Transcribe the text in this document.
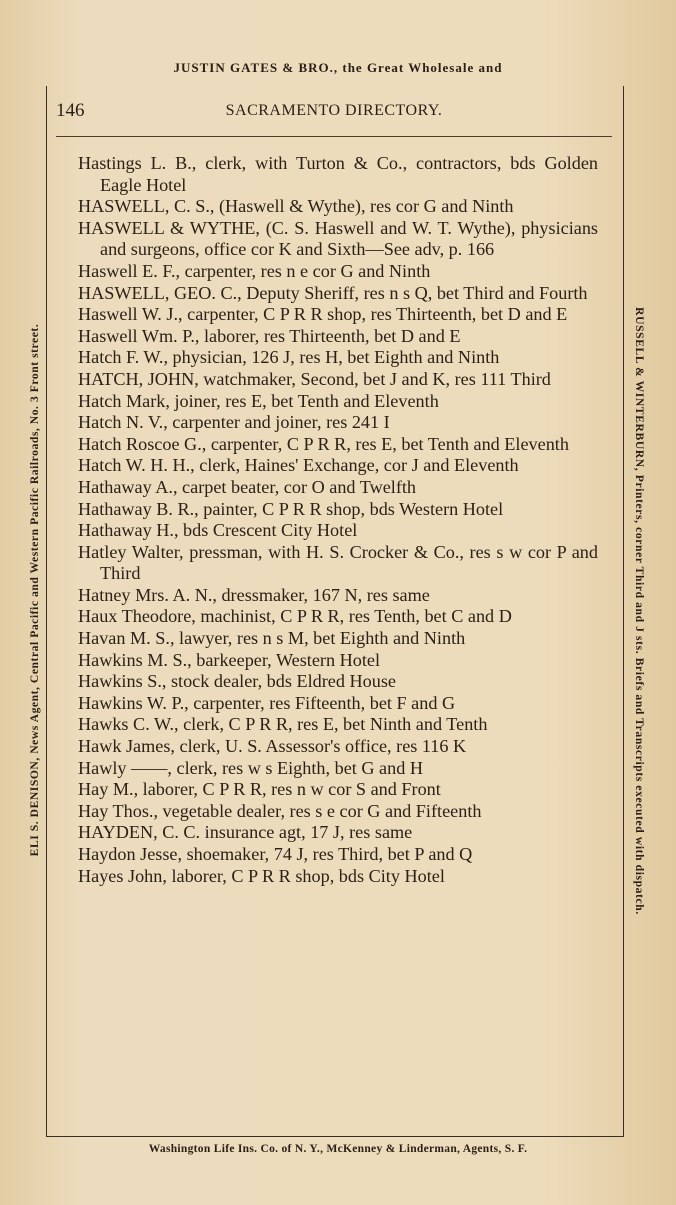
JUSTIN GATES & BRO., the Great Wholesale and
146	SACRAMENTO DIRECTORY.
ELI S. DENISON, News Agent, Central Pacific and Western Pacific Railroads, No. 3 Front street.	RUSSELL & WINTERBURN, Printers, corner Third and J sts. Briefs and Transcripts executed with dispatch.

Hastings L. B., clerk, with Turton & Co., contractors, bds Golden Eagle Hotel

HASWELL, C. S., (Haswell & Wythe), res cor G and Ninth

HASWELL & WYTHE, (C. S. Haswell and W. T. Wythe), physicians and surgeons, office cor K and Sixth—See adv, p. 166

Haswell E. F., carpenter, res n e cor G and Ninth

HASWELL, GEO. C., Deputy Sheriff, res n s Q, bet Third and Fourth

Haswell W. J., carpenter, C P R R shop, res Thirteenth, bet D and E

Haswell Wm. P., laborer, res Thirteenth, bet D and E

Hatch F. W., physician, 126 J, res H, bet Eighth and Ninth

HATCH, JOHN, watchmaker, Second, bet J and K, res 111 Third

Hatch Mark, joiner, res E, bet Tenth and Eleventh

Hatch N. V., carpenter and joiner, res 241 I

Hatch Roscoe G., carpenter, C P R R, res E, bet Tenth and Eleventh

Hatch W. H. H., clerk, Haines' Exchange, cor J and Eleventh

Hathaway A., carpet beater, cor O and Twelfth

Hathaway B. R., painter, C P R R shop, bds Western Hotel

Hathaway H., bds Crescent City Hotel

Hatley Walter, pressman, with H. S. Crocker & Co., res s w cor P and Third

Hatney Mrs. A. N., dressmaker, 167 N, res same

Haux Theodore, machinist, C P R R, res Tenth, bet C and D

Havan M. S., lawyer, res n s M, bet Eighth and Ninth

Hawkins M. S., barkeeper, Western Hotel

Hawkins S., stock dealer, bds Eldred House

Hawkins W. P., carpenter, res Fifteenth, bet F and G

Hawks C. W., clerk, C P R R, res E, bet Ninth and Tenth

Hawk James, clerk, U. S. Assessor's office, res 116 K

Hawly ——, clerk, res w s Eighth, bet G and H

Hay M., laborer, C P R R, res n w cor S and Front

Hay Thos., vegetable dealer, res s e cor G and Fifteenth

HAYDEN, C. C. insurance agt, 17 J, res same

Haydon Jesse, shoemaker, 74 J, res Third, bet P and Q

Hayes John, laborer, C P R R shop, bds City Hotel

Washington Life Ins. Co. of N. Y., McKenney & Linderman, Agents, S. F.
